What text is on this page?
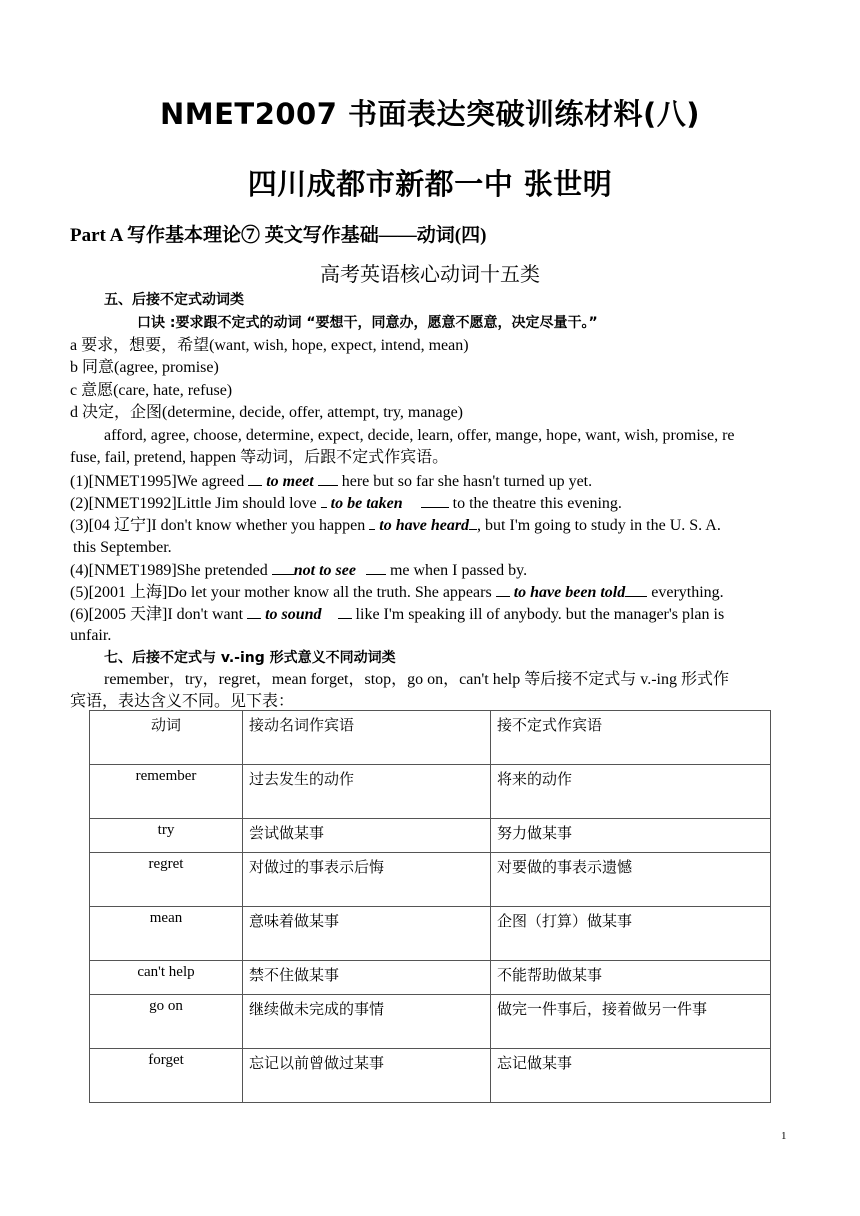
NMET2007 书面表达突破训练材料(八)
四川成都市新都一中 张世明
Part A 写作基本理论⑦ 英文写作基础——动词(四)
高考英语核心动词十五类
五、后接不定式动词类
口诀 :要求跟不定式的动词 “要想干，同意办，愿意不愿意，决定尽量干。”
a 要求，想要，希望(want, wish, hope, expect, intend, mean)
b 同意(agree, promise)
c 意愿(care, hate, refuse)
d 决定，企图(determine, decide, offer, attempt, try, manage)
afford, agree, choose, determine, expect, decide, learn, offer, mange, hope, want, wish, promise, re
fuse, fail, pretend, happen 等动词，后跟不定式作宾语。
(1)[NMET1995]We agreed  to meet  here but so far she hasn't turned up yet.
(2)[NMET1992]Little Jim should love  to be taken	to the theatre this evening.
(3)[04 辽宁]I don't know whether you happen  to have heard , but I'm going to study in the U. S. A.
this September.
(4)[NMET1989]She pretended not to see  me when I passed by.
(5)[2001 上海]Do let your mother know all the truth. She appears  to have been told everything.
(6)[2005 天津]I don't want  to sound  like I'm speaking ill of anybody. but the manager's plan is
unfair.
七、后接不定式与 v.-ing 形式意义不同动词类
remember，try，regret，mean forget，stop，go on，can't help 等后接不定式与 v.-ing 形式作
宾语，表达含义不同。见下表：
动词	接动名词作宾语	接不定式作宾语
remember	过去发生的动作	将来的动作
try	尝试做某事	努力做某事
regret	对做过的事表示后悔	对要做的事表示遗憾
mean	意味着做某事	企图（打算）做某事
can't help	禁不住做某事	不能帮助做某事
go on	继续做未完成的事情	做完一件事后，接着做另一件事
forget	忘记以前曾做过某事	忘记做某事
1
